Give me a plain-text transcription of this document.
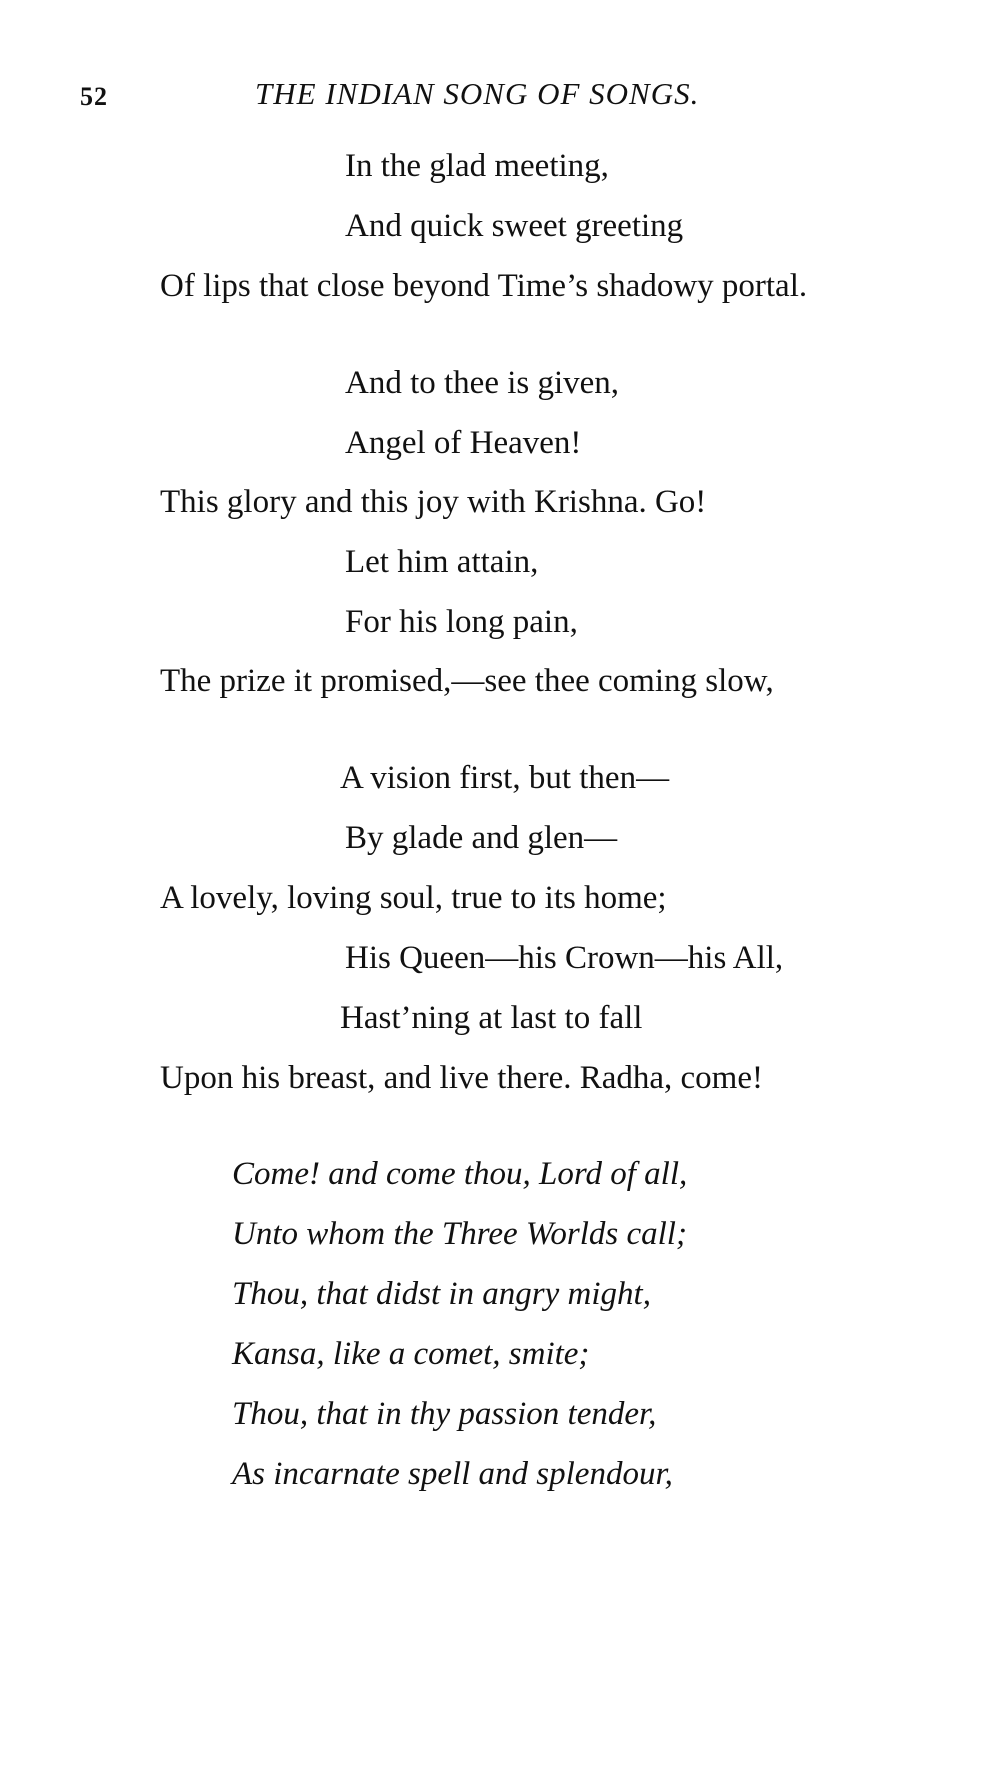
52	THE INDIAN SONG OF SONGS.
In the glad meeting,
And quick sweet greeting
Of lips that close beyond Time’s shadowy portal.
And to thee is given,
Angel of Heaven!
This glory and this joy with Krishna. Go!
Let him attain,
For his long pain,
The prize it promised,—see thee coming slow,
A vision first, but then—
By glade and glen—
A lovely, loving soul, true to its home;
His Queen—his Crown—his All,
Hast’ning at last to fall
Upon his breast, and live there. Radha, come!
Come! and come thou, Lord of all,
Unto whom the Three Worlds call;
Thou, that didst in angry might,
Kansa, like a comet, smite;
Thou, that in thy passion tender,
As incarnate spell and splendour,
